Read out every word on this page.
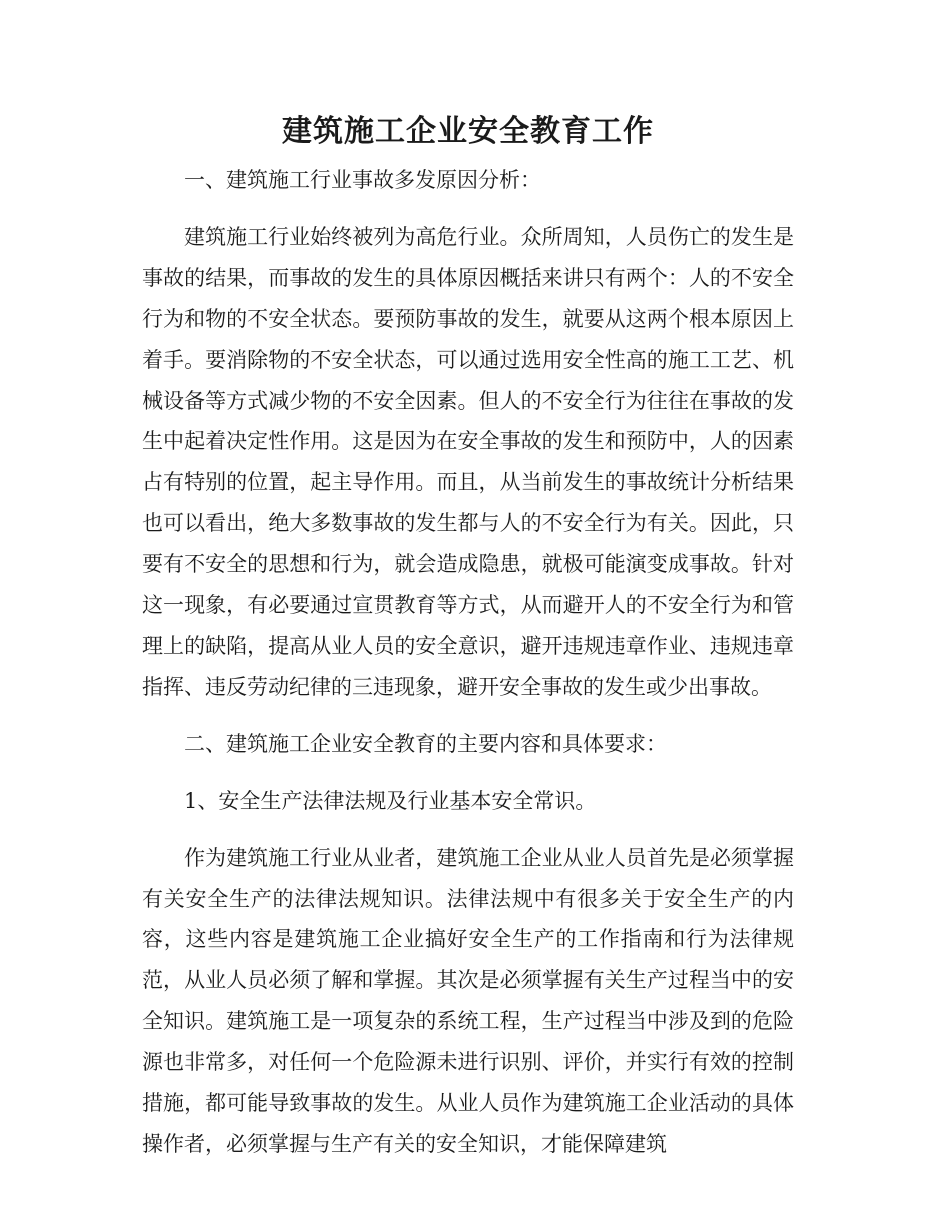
建筑施工企业安全教育工作

一、建筑施工行业事故多发原因分析：

建筑施工行业始终被列为高危行业。众所周知，人员伤亡的发生是事故的结果，而事故的发生的具体原因概括来讲只有两个：人的不安全行为和物的不安全状态。要预防事故的发生，就要从这两个根本原因上着手。要消除物的不安全状态，可以通过选用安全性高的施工工艺、机械设备等方式减少物的不安全因素。但人的不安全行为往往在事故的发生中起着决定性作用。这是因为在安全事故的发生和预防中，人的因素占有特别的位置，起主导作用。而且，从当前发生的事故统计分析结果也可以看出，绝大多数事故的发生都与人的不安全行为有关。因此，只要有不安全的思想和行为，就会造成隐患，就极可能演变成事故。针对这一现象，有必要通过宣贯教育等方式，从而避开人的不安全行为和管理上的缺陷，提高从业人员的安全意识，避开违规违章作业、违规违章指挥、违反劳动纪律的三违现象，避开安全事故的发生或少出事故。

二、建筑施工企业安全教育的主要内容和具体要求：

1、安全生产法律法规及行业基本安全常识。

作为建筑施工行业从业者，建筑施工企业从业人员首先是必须掌握有关安全生产的法律法规知识。法律法规中有很多关于安全生产的内容，这些内容是建筑施工企业搞好安全生产的工作指南和行为法律规范，从业人员必须了解和掌握。其次是必须掌握有关生产过程当中的安全知识。建筑施工是一项复杂的系统工程，生产过程当中涉及到的危险源也非常多，对任何一个危险源未进行识别、评价，并实行有效的控制措施，都可能导致事故的发生。从业人员作为建筑施工企业活动的具体操作者，必须掌握与生产有关的安全知识，才能保障建筑
